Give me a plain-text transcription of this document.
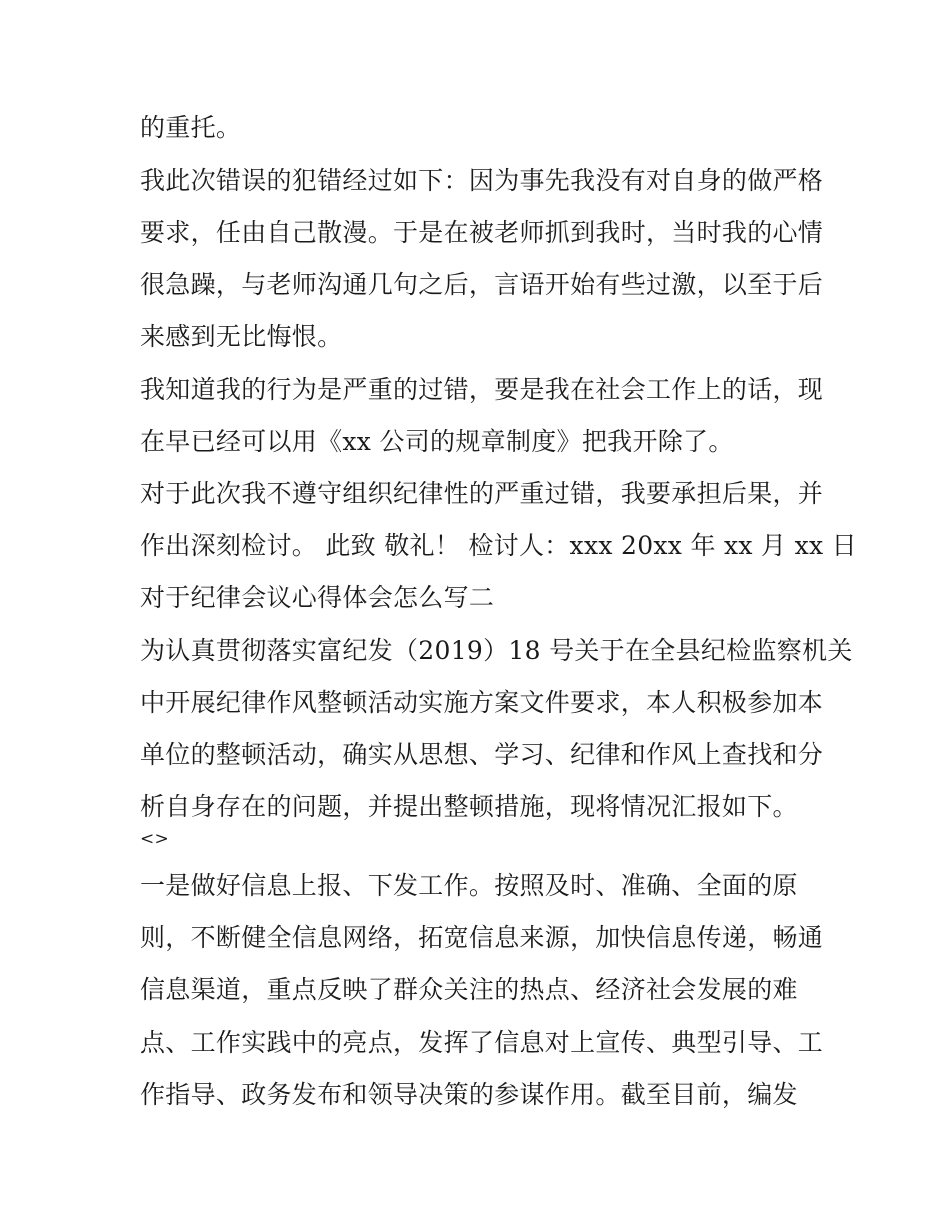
的重托。
我此次错误的犯错经过如下：因为事先我没有对自身的做严格
要求，任由自己散漫。于是在被老师抓到我时，当时我的心情
很急躁，与老师沟通几句之后，言语开始有些过激，以至于后
来感到无比悔恨。
我知道我的行为是严重的过错，要是我在社会工作上的话，现
在早已经可以用《xx 公司的规章制度》把我开除了。
对于此次我不遵守组织纪律性的严重过错，我要承担后果，并
作出深刻检讨。 此致 敬礼！ 检讨人：xxx 20xx 年 xx 月 xx 日
对于纪律会议心得体会怎么写二
为认真贯彻落实富纪发（2019）18 号关于在全县纪检监察机关
中开展纪律作风整顿活动实施方案文件要求，本人积极参加本
单位的整顿活动，确实从思想、学习、纪律和作风上查找和分
析自身存在的问题，并提出整顿措施，现将情况汇报如下。
<>
一是做好信息上报、下发工作。按照及时、准确、全面的原
则，不断健全信息网络，拓宽信息来源，加快信息传递，畅通
信息渠道，重点反映了群众关注的热点、经济社会发展的难
点、工作实践中的亮点，发挥了信息对上宣传、典型引导、工
作指导、政务发布和领导决策的参谋作用。截至目前，编发
